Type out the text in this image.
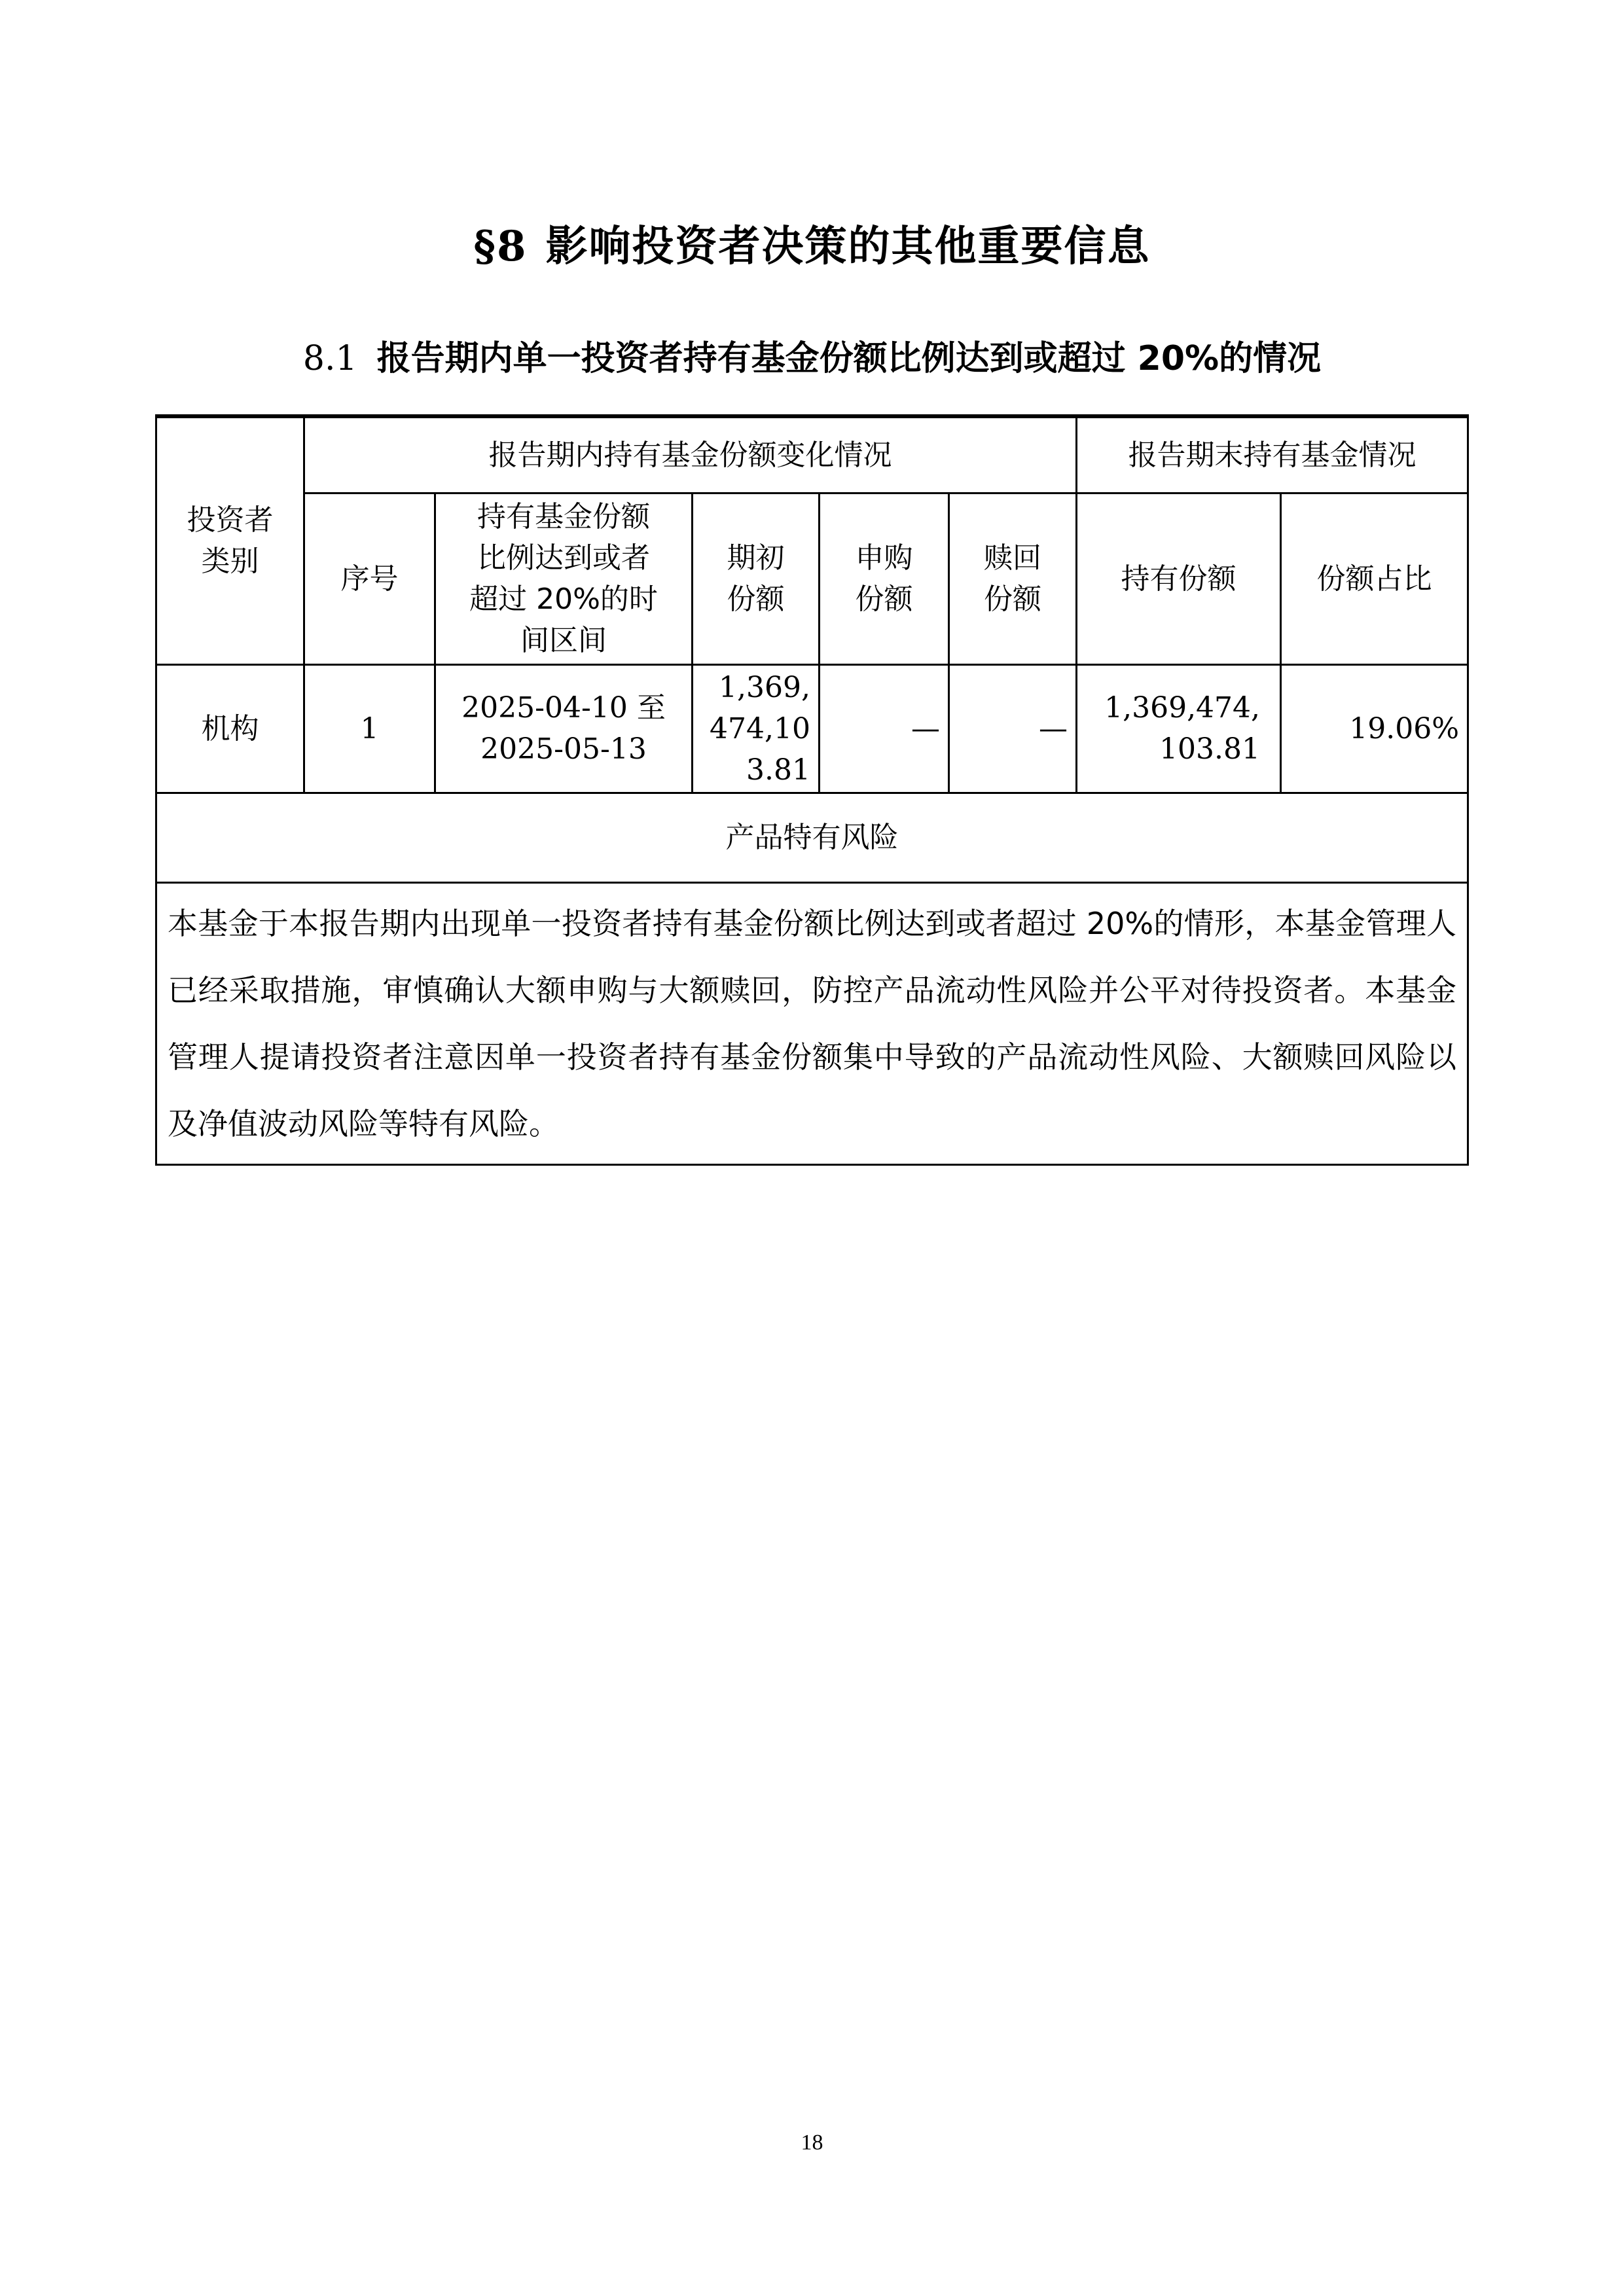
§8 影响投资者决策的其他重要信息
8.1 报告期内单一投资者持有基金份额比例达到或超过 20%的情况
投资者类别	报告期内持有基金份额变化情况					报告期末持有基金情况	
	序号	持有基金份额比例达到或者超过 20%的时间区间	期初份额	申购份额	赎回份额	持有份额	份额占比
机构	1	2025-04-10 至 2025-05-13	1,369,474,103.81	—	—	1,369,474,103.81	19.06%
产品特有风险							
本基金于本报告期内出现单一投资者持有基金份额比例达到或者超过 20%的情形，本基金管理人已经采取措施，审慎确认大额申购与大额赎回，防控产品流动性风险并公平对待投资者。本基金管理人提请投资者注意因单一投资者持有基金份额集中导致的产品流动性风险、大额赎回风险以及净值波动风险等特有风险。							
18
